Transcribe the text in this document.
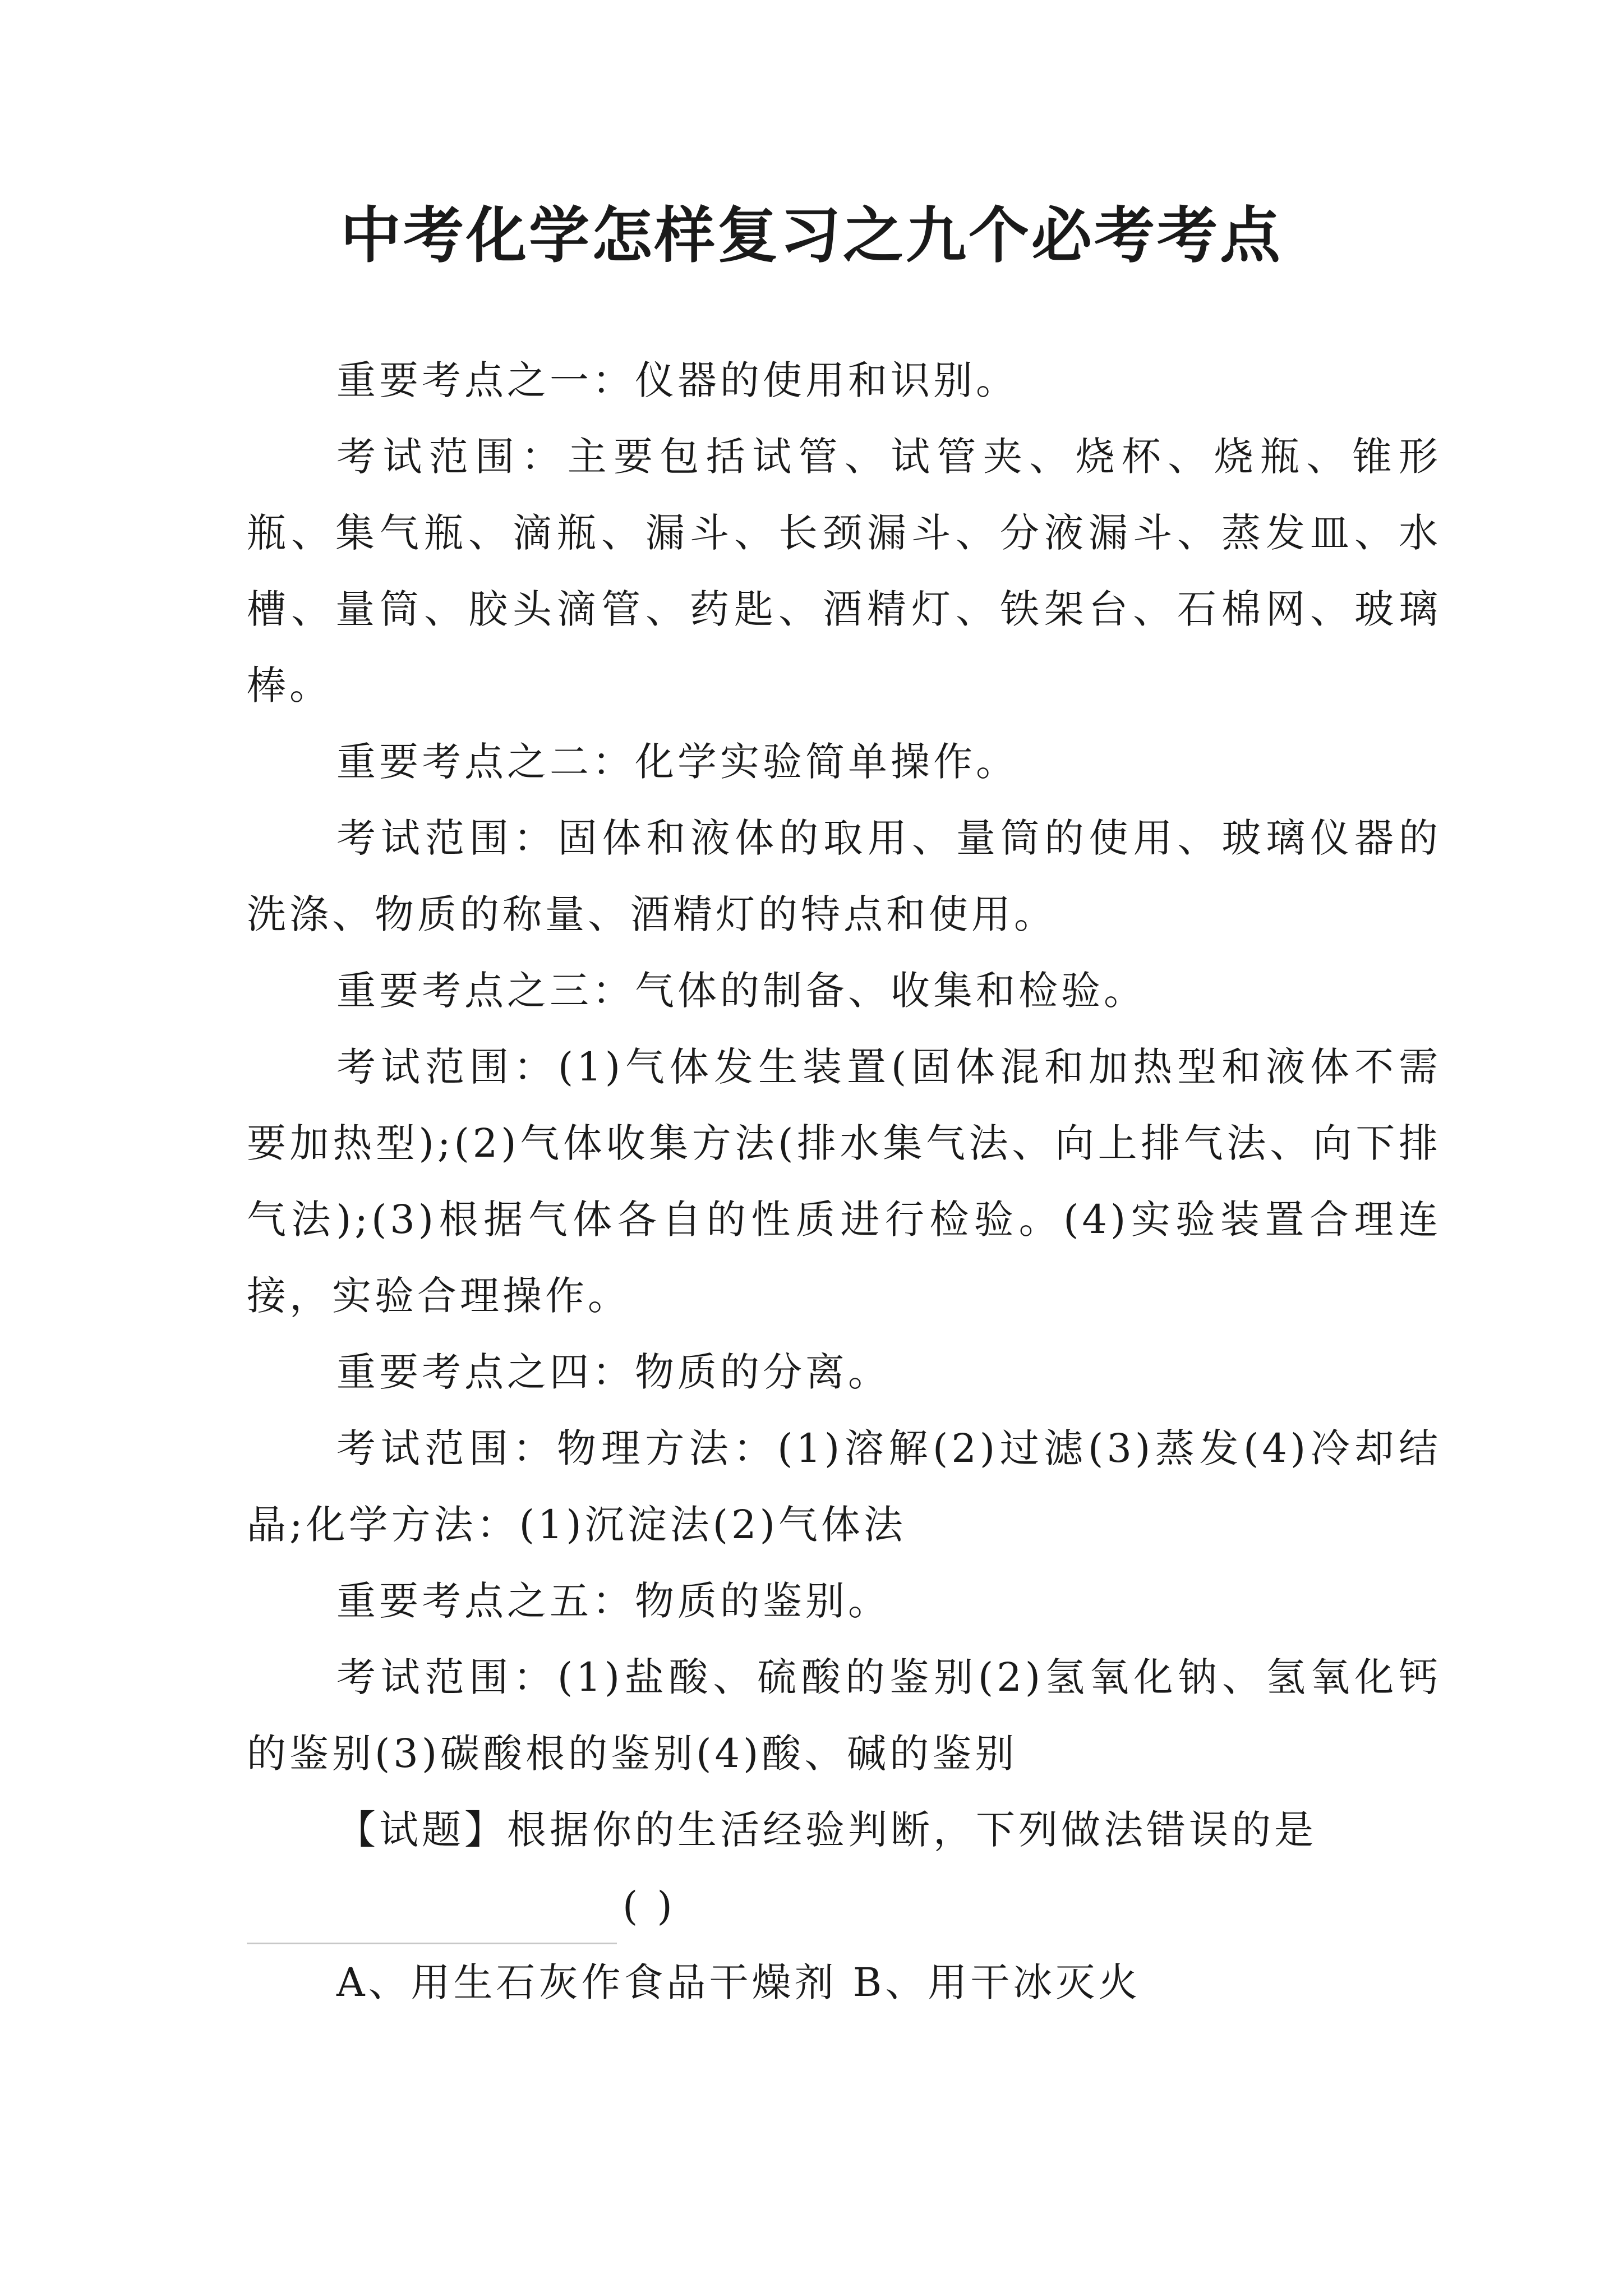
中考化学怎样复习之九个必考考点

重要考点之一：仪器的使用和识别。

考试范围：主要包括试管、试管夹、烧杯、烧瓶、锥形瓶、集气瓶、滴瓶、漏斗、长颈漏斗、分液漏斗、蒸发皿、水槽、量筒、胶头滴管、药匙、酒精灯、铁架台、石棉网、玻璃棒。

重要考点之二：化学实验简单操作。

考试范围：固体和液体的取用、量筒的使用、玻璃仪器的洗涤、物质的称量、酒精灯的特点和使用。

重要考点之三：气体的制备、收集和检验。

考试范围：(1)气体发生装置(固体混和加热型和液体不需要加热型);(2)气体收集方法(排水集气法、向上排气法、向下排气法);(3)根据气体各自的性质进行检验。(4)实验装置合理连接，实验合理操作。

重要考点之四：物质的分离。

考试范围：物理方法：(1)溶解(2)过滤(3)蒸发(4)冷却结晶;化学方法：(1)沉淀法(2)气体法

重要考点之五：物质的鉴别。

考试范围：(1)盐酸、硫酸的鉴别(2)氢氧化钠、氢氧化钙的鉴别(3)碳酸根的鉴别(4)酸、碱的鉴别

【试题】根据你的生活经验判断，下列做法错误的是

( )

A、用生石灰作食品干燥剂 B、用干冰灭火
